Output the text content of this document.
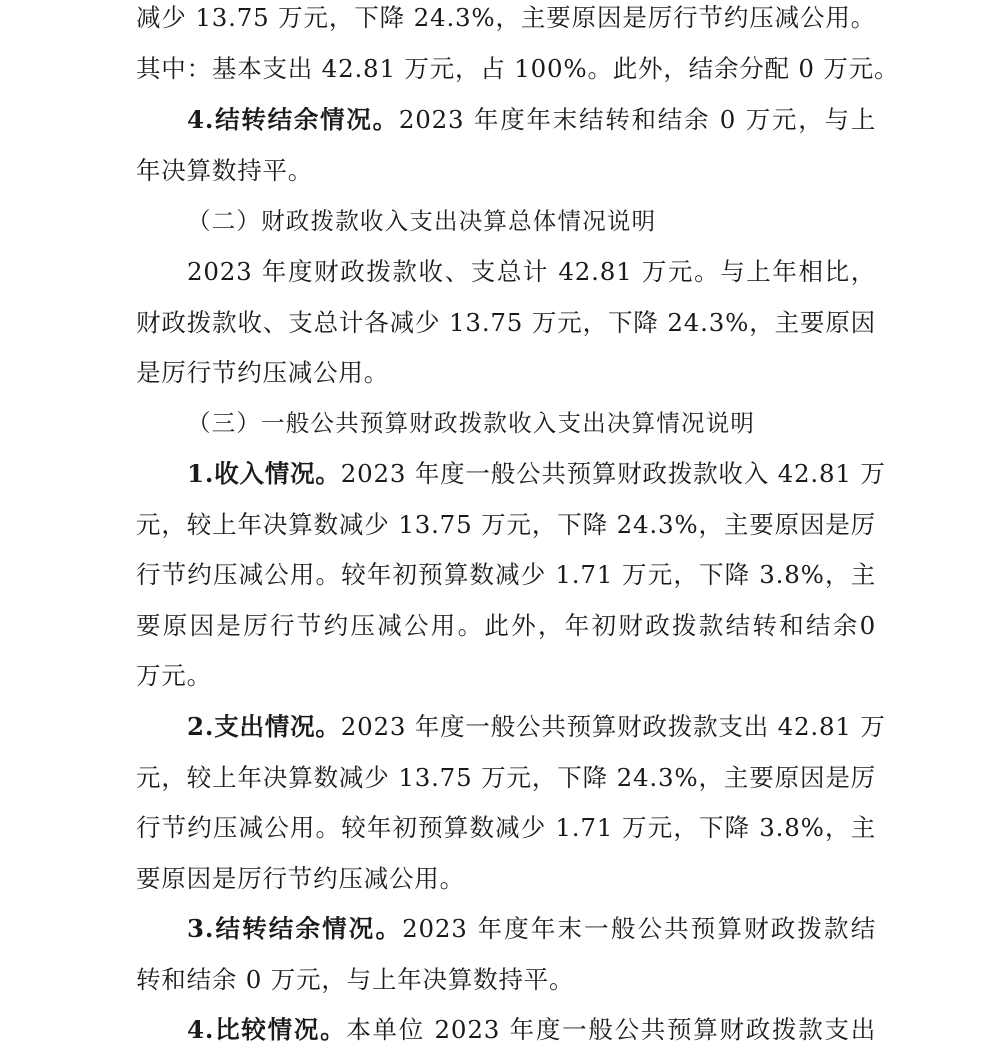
减少 13.75 万元，下降 24.3%，主要原因是厉行节约压减公用。
其中：基本支出 42.81 万元，占 100%。此外，结余分配 0 万元。
4.结转结余情况。2023 年度年末结转和结余 0 万元，与上
年决算数持平。
（二）财政拨款收入支出决算总体情况说明
2023 年度财政拨款收、支总计 42.81 万元。与上年相比，
财政拨款收、支总计各减少 13.75 万元，下降 24.3%，主要原因
是厉行节约压减公用。
（三）一般公共预算财政拨款收入支出决算情况说明
1.收入情况。2023 年度一般公共预算财政拨款收入 42.81 万
元，较上年决算数减少 13.75 万元，下降 24.3%，主要原因是厉
行节约压减公用。较年初预算数减少 1.71 万元，下降 3.8%，主
要原因是厉行节约压减公用。此外，年初财政拨款结转和结余0
万元。
2.支出情况。2023 年度一般公共预算财政拨款支出 42.81 万
元，较上年决算数减少 13.75 万元，下降 24.3%，主要原因是厉
行节约压减公用。较年初预算数减少 1.71 万元，下降 3.8%，主
要原因是厉行节约压减公用。
3.结转结余情况。2023 年度年末一般公共预算财政拨款结
转和结余 0 万元，与上年决算数持平。
4.比较情况。本单位 2023 年度一般公共预算财政拨款支出
